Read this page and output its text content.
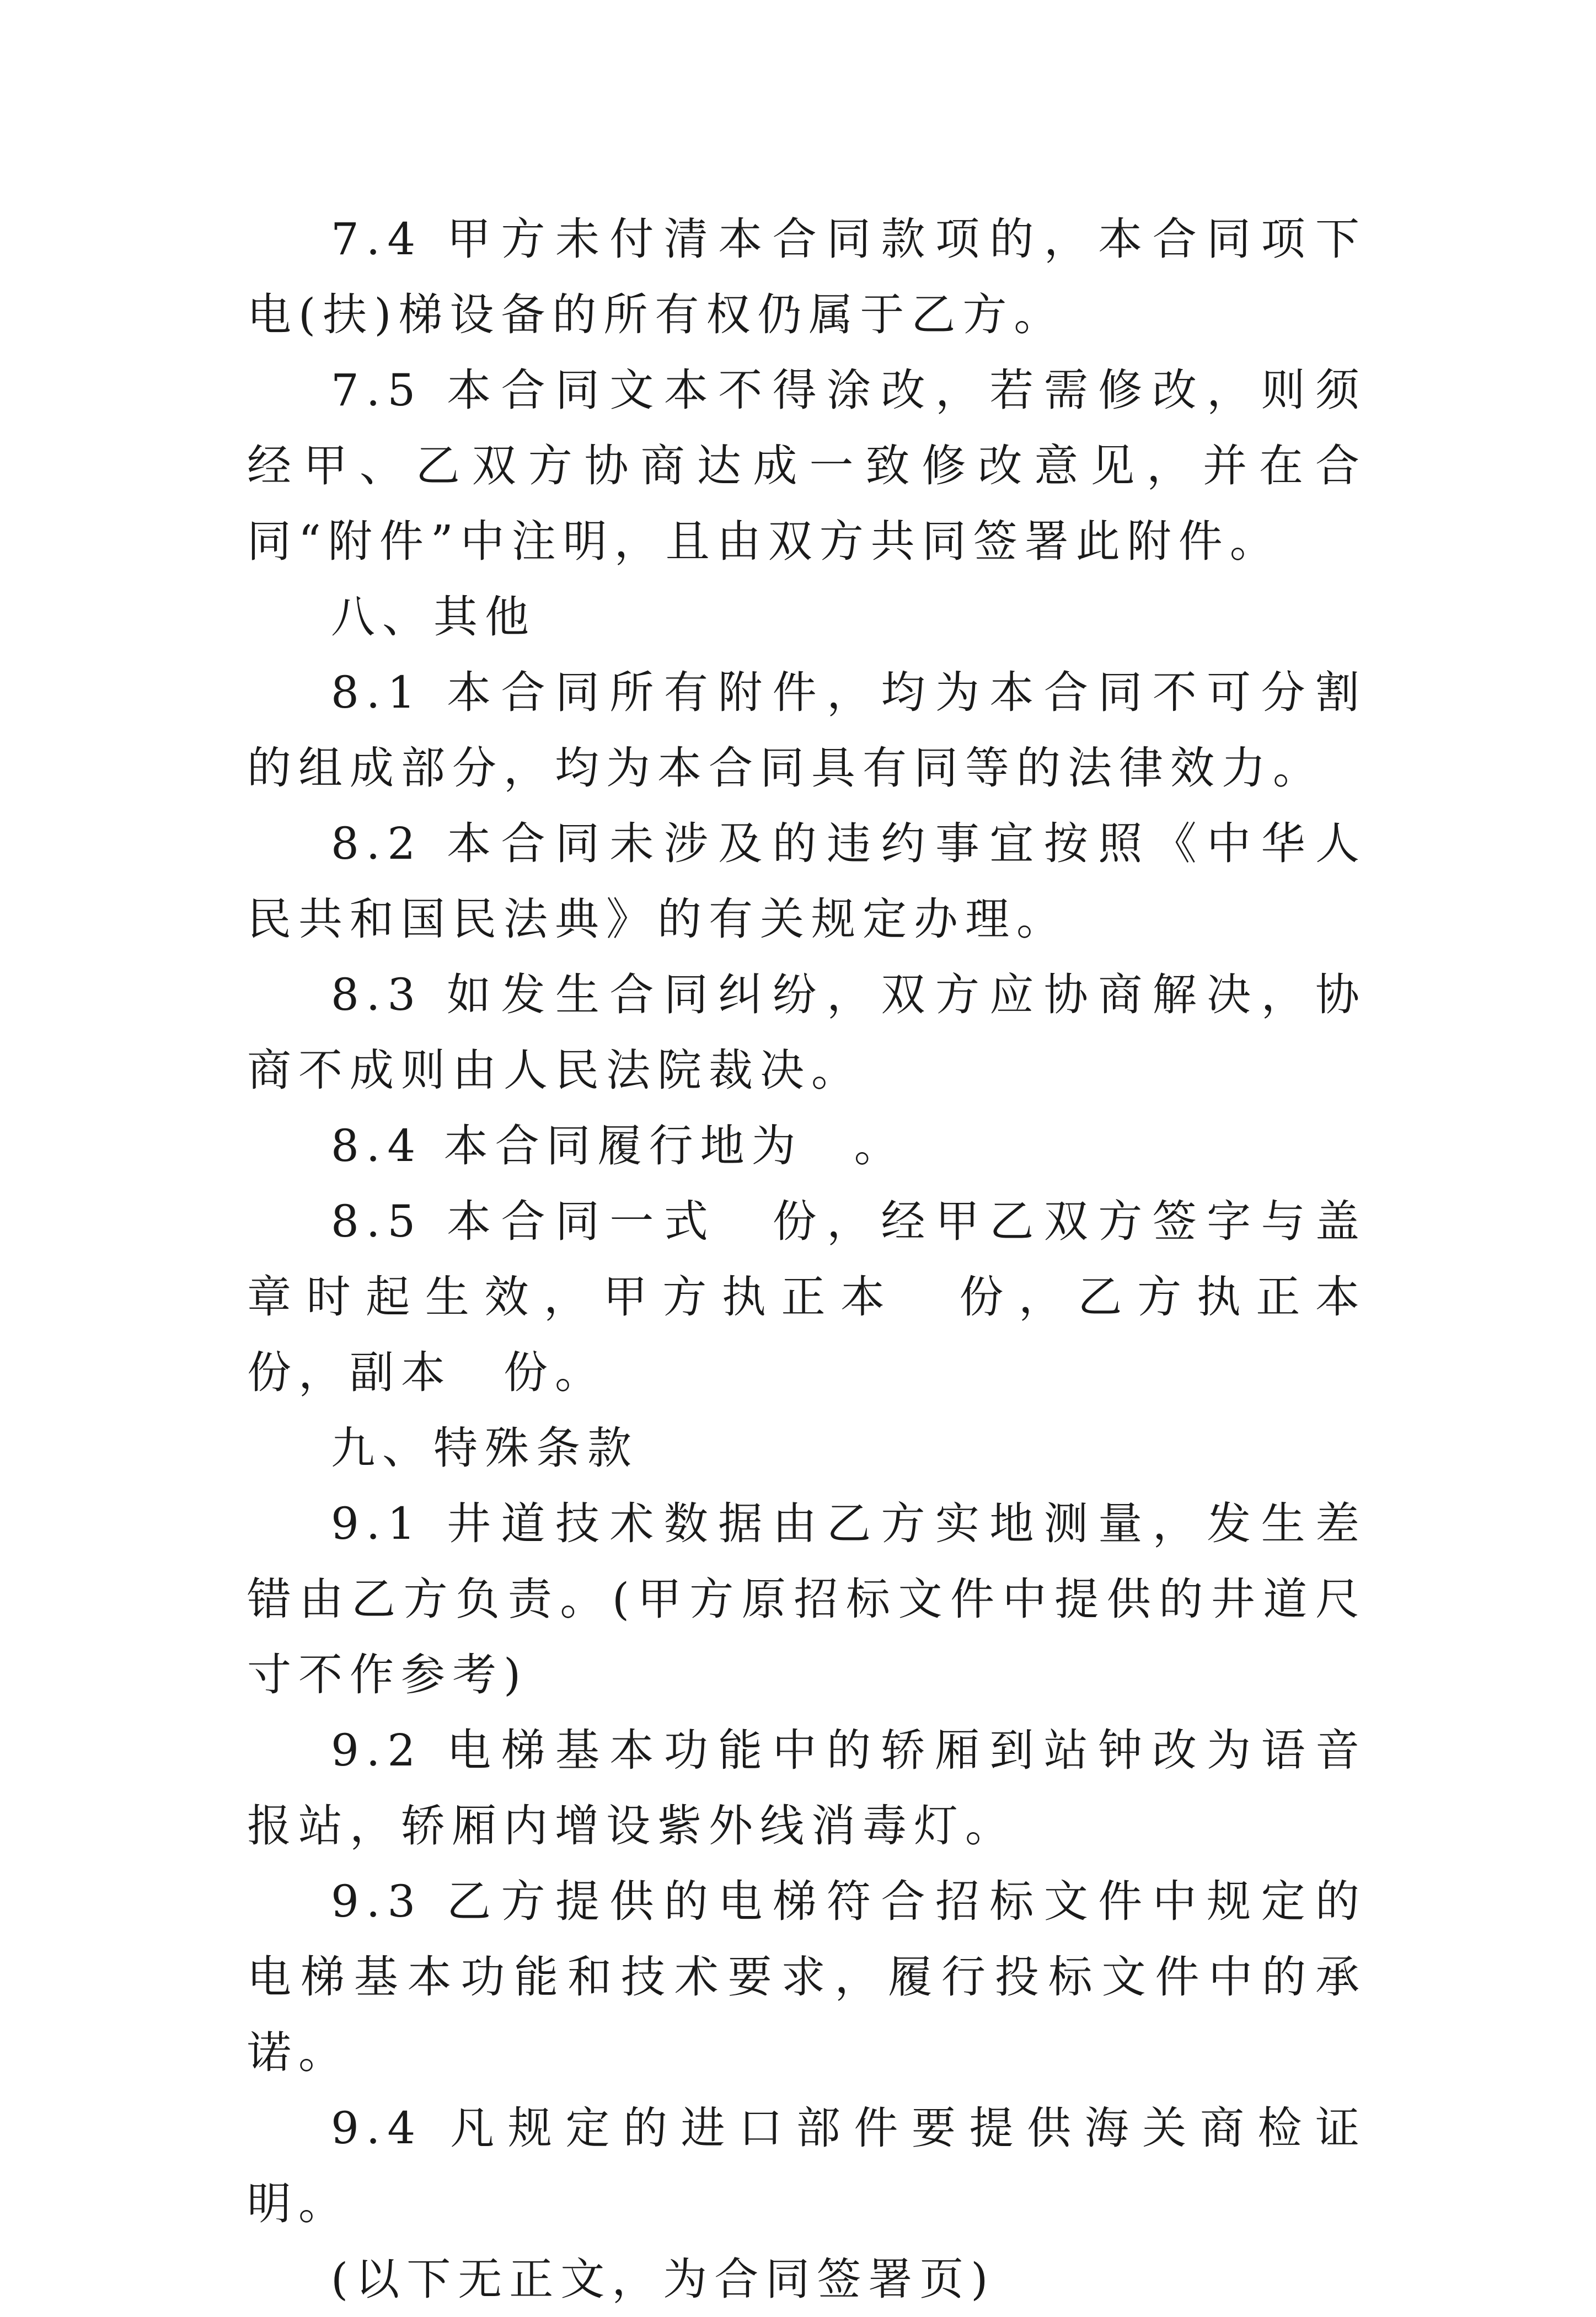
7.4 甲方未付清本合同款项的，本合同项下电(扶)梯设备的所有权仍属于乙方。

7.5 本合同文本不得涂改，若需修改，则须经甲、乙双方协商达成一致修改意见，并在合同“附件”中注明，且由双方共同签署此附件。

八、其他

8.1 本合同所有附件，均为本合同不可分割的组成部分，均为本合同具有同等的法律效力。

8.2 本合同未涉及的违约事宜按照《中华人民共和国民法典》的有关规定办理。

8.3 如发生合同纠纷，双方应协商解决，协商不成则由人民法院裁决。

8.4 本合同履行地为　。

8.5 本合同一式　份，经甲乙双方签字与盖章时起生效，甲方执正本　份，乙方执正本　份，副本　份。

九、特殊条款

9.1 井道技术数据由乙方实地测量，发生差错由乙方负责。(甲方原招标文件中提供的井道尺寸不作参考)

9.2 电梯基本功能中的轿厢到站钟改为语音报站，轿厢内增设紫外线消毒灯。

9.3 乙方提供的电梯符合招标文件中规定的电梯基本功能和技术要求，履行投标文件中的承诺。

9.4 凡规定的进口部件要提供海关商检证明。

(以下无正文，为合同签署页)
